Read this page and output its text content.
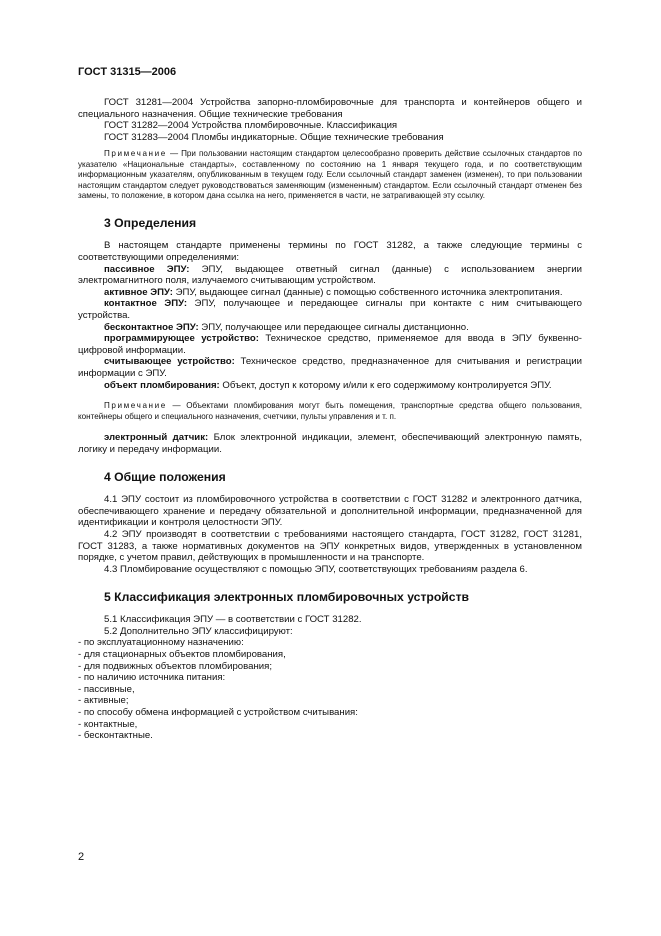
ГОСТ 31315—2006

ГОСТ 31281—2004 Устройства запорно-пломбировочные для транспорта и контейнеров общего и специального назначения. Общие технические требования

ГОСТ 31282—2004 Устройства пломбировочные. Классификация

ГОСТ 31283—2004 Пломбы индикаторные. Общие технические требования

Примечание — При пользовании настоящим стандартом целесообразно проверить действие ссылочных стандартов по указателю «Национальные стандарты», составленному по состоянию на 1 января текущего года, и по соответствующим информационным указателям, опубликованным в текущем году. Если ссылочный стандарт заменен (изменен), то при пользовании настоящим стандартом следует руководствоваться заменяющим (измененным) стандартом. Если ссылочный стандарт отменен без замены, то положение, в котором дана ссылка на него, применяется в части, не затрагивающей эту ссылку.

3 Определения

В настоящем стандарте применены термины по ГОСТ 31282, а также следующие термины с соответствующими определениями:

пассивное ЭПУ: ЭПУ, выдающее ответный сигнал (данные) с использованием энергии электромагнитного поля, излучаемого считывающим устройством.

активное ЭПУ: ЭПУ, выдающее сигнал (данные) с помощью собственного источника электропитания.

контактное ЭПУ: ЭПУ, получающее и передающее сигналы при контакте с ним считывающего устройства.

бесконтактное ЭПУ: ЭПУ, получающее или передающее сигналы дистанционно.

программирующее устройство: Техническое средство, применяемое для ввода в ЭПУ буквенно-цифровой информации.

считывающее устройство: Техническое средство, предназначенное для считывания и регистрации информации с ЭПУ.

объект пломбирования: Объект, доступ к которому и/или к его содержимому контролируется ЭПУ.

Примечание — Объектами пломбирования могут быть помещения, транспортные средства общего пользования, контейнеры общего и специального назначения, счетчики, пульты управления и т. п.

электронный датчик: Блок электронной индикации, элемент, обеспечивающий электронную память, логику и передачу информации.

4 Общие положения

4.1 ЭПУ состоит из пломбировочного устройства в соответствии с ГОСТ 31282 и электронного датчика, обеспечивающего хранение и передачу обязательной и дополнительной информации, предназначенной для идентификации и контроля целостности ЭПУ.

4.2 ЭПУ производят в соответствии с требованиями настоящего стандарта, ГОСТ 31282, ГОСТ 31281, ГОСТ 31283, а также нормативных документов на ЭПУ конкретных видов, утвержденных в установленном порядке, с учетом правил, действующих в промышленности и на транспорте.

4.3 Пломбирование осуществляют с помощью ЭПУ, соответствующих требованиям раздела 6.

5 Классификация электронных пломбировочных устройств

5.1 Классификация ЭПУ — в соответствии с ГОСТ 31282.

5.2 Дополнительно ЭПУ классифицируют:

- по эксплуатационному назначению:

- для стационарных объектов пломбирования,

- для подвижных объектов пломбирования;

- по наличию источника питания:

- пассивные,

- активные;

- по способу обмена информацией с устройством считывания:

- контактные,

- бесконтактные.

2
